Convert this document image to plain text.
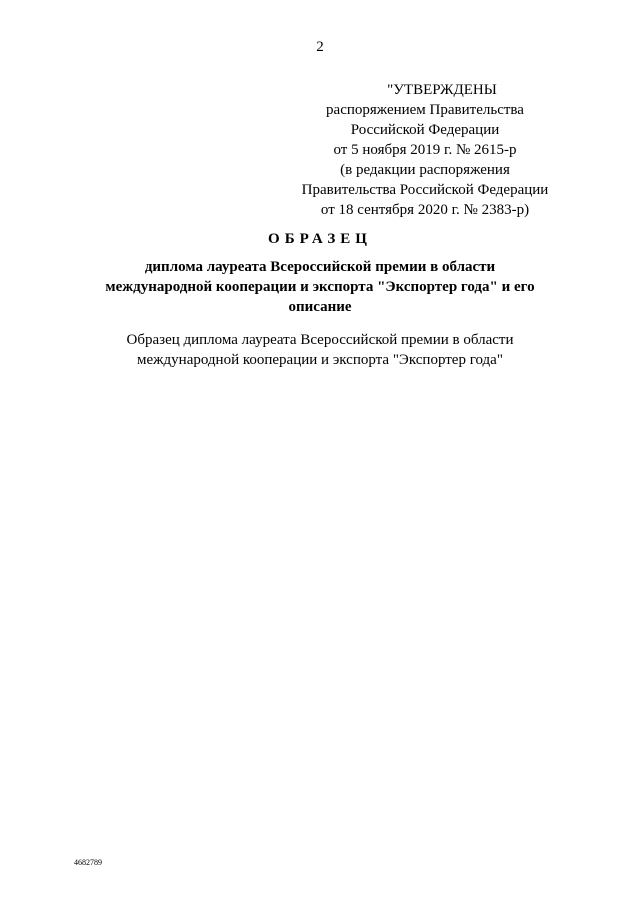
2
"УТВЕРЖДЕНЫ
распоряжением Правительства
Российской Федерации
от 5 ноября 2019 г. № 2615-р
(в редакции распоряжения
Правительства Российской Федерации
от 18 сентября 2020 г. № 2383-р)
ОБРАЗЕЦ
диплома лауреата Всероссийской премии в области
международной кооперации и экспорта "Экспортер года" и его
описание
Образец диплома лауреата Всероссийской премии в области
международной кооперации и экспорта "Экспортер года"
4682789
